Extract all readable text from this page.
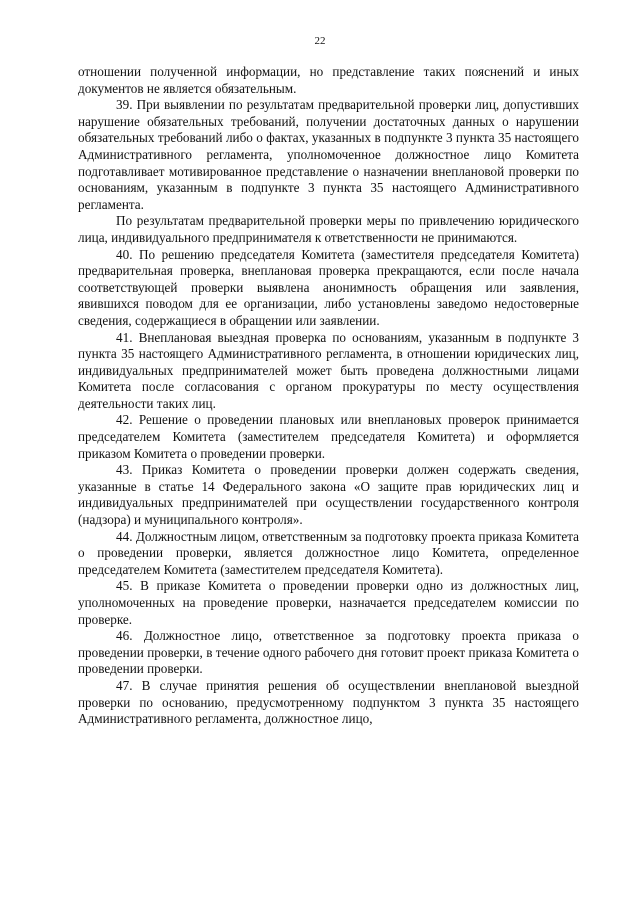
22

отношении полученной информации, но представление таких пояснений и иных документов не является обязательным.

39. При выявлении по результатам предварительной проверки лиц, допустивших нарушение обязательных требований, получении достаточных данных о нарушении обязательных требований либо о фактах, указанных в подпункте 3 пункта 35 настоящего Административного регламента, уполномоченное должностное лицо Комитета подготавливает мотивированное представление о назначении внеплановой проверки по основаниям, указанным в подпункте 3 пункта 35 настоящего Административного регламента.

По результатам предварительной проверки меры по привлечению юридического лица, индивидуального предпринимателя к ответственности не принимаются.

40. По решению председателя Комитета (заместителя председателя Комитета) предварительная проверка, внеплановая проверка прекращаются, если после начала соответствующей проверки выявлена анонимность обращения или заявления, явившихся поводом для ее организации, либо установлены заведомо недостоверные сведения, содержащиеся в обращении или заявлении.

41. Внеплановая выездная проверка по основаниям, указанным в подпункте 3 пункта 35 настоящего Административного регламента, в отношении юридических лиц, индивидуальных предпринимателей может быть проведена должностными лицами Комитета после согласования с органом прокуратуры по месту осуществления деятельности таких лиц.

42. Решение о проведении плановых или внеплановых проверок принимается председателем Комитета (заместителем председателя Комитета) и оформляется приказом Комитета о проведении проверки.

43. Приказ Комитета о проведении проверки должен содержать сведения, указанные в статье 14 Федерального закона «О защите прав юридических лиц и индивидуальных предпринимателей при осуществлении государственного контроля (надзора) и муниципального контроля».

44. Должностным лицом, ответственным за подготовку проекта приказа Комитета о проведении проверки, является должностное лицо Комитета, определенное председателем Комитета (заместителем председателя Комитета).

45. В приказе Комитета о проведении проверки одно из должностных лиц, уполномоченных на проведение проверки, назначается председателем комиссии по проверке.

46. Должностное лицо, ответственное за подготовку проекта приказа о проведении проверки, в течение одного рабочего дня готовит проект приказа Комитета о проведении проверки.

47. В случае принятия решения об осуществлении внеплановой выездной проверки по основанию, предусмотренному подпунктом 3 пункта 35 настоящего Административного регламента, должностное лицо,
